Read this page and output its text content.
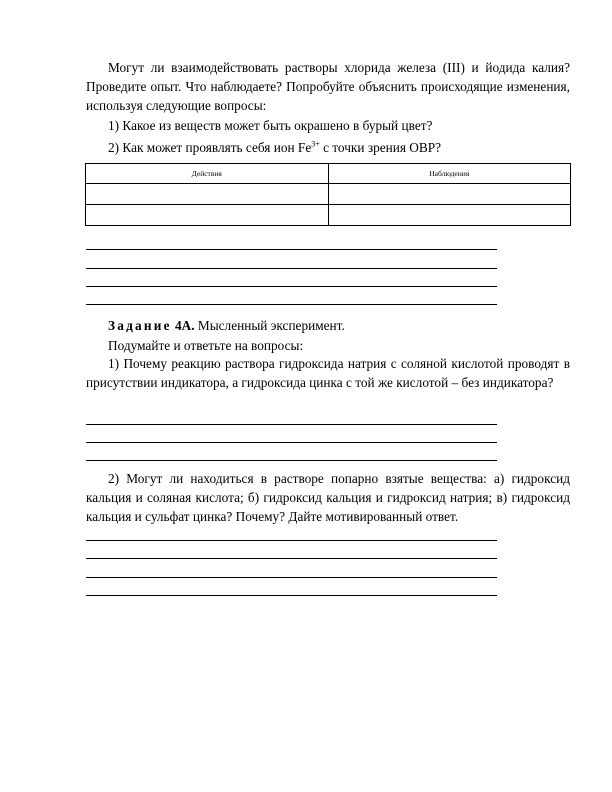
Могут ли взаимодействовать растворы хлорида железа (III) и йодида калия? Проведите опыт. Что наблюдаете? Попробуйте объяснить происходящие изменения, используя следующие вопросы:
1) Какое из веществ может быть окрашено в бурый цвет?
2) Как может проявлять себя ион $Fe^{3+}$ с точки зрения ОВР?
Действия	Наблюдения

Задание 4А. Мысленный эксперимент.
Подумайте и ответьте на вопросы:
1) Почему реакцию раствора гидроксида натрия с соляной кислотой проводят в присутствии индикатора, а гидроксида цинка с той же кислотой – без индикатора?
2) Могут ли находиться в растворе попарно взятые вещества: а) гидроксид кальция и соляная кислота; б) гидроксид кальция и гидроксид натрия; в) гидроксид кальция и сульфат цинка? Почему? Дайте мотивированный ответ.
